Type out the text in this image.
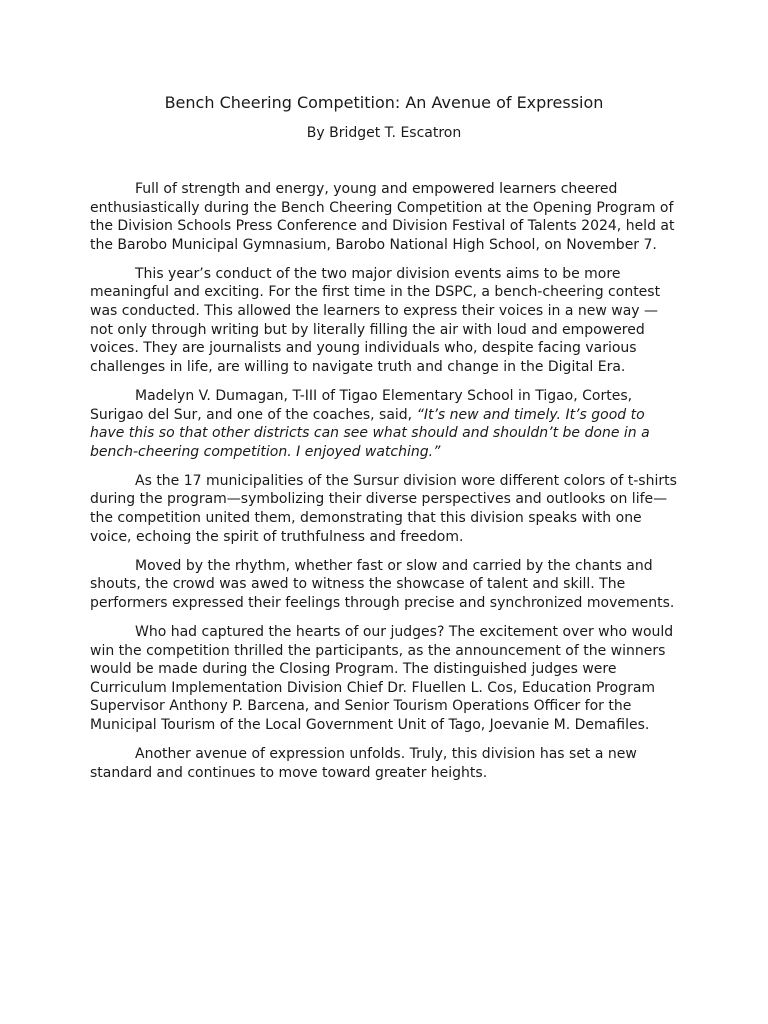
Bench Cheering Competition: An Avenue of Expression

By Bridget T. Escatron

Full of strength and energy, young and empowered learners cheered enthusiastically during the Bench Cheering Competition at the Opening Program of the Division Schools Press Conference and Division Festival of Talents 2024, held at the Barobo Municipal Gymnasium, Barobo National High School, on November 7.

This year’s conduct of the two major division events aims to be more meaningful and exciting. For the first time in the DSPC, a bench-cheering contest was conducted. This allowed the learners to express their voices in a new way — not only through writing but by literally filling the air with loud and empowered voices. They are journalists and young individuals who, despite facing various challenges in life, are willing to navigate truth and change in the Digital Era.

Madelyn V. Dumagan, T-III of Tigao Elementary School in Tigao, Cortes, Surigao del Sur, and one of the coaches, said, “It’s new and timely. It’s good to have this so that other districts can see what should and shouldn’t be done in a bench-cheering competition. I enjoyed watching.”

As the 17 municipalities of the Sursur division wore different colors of t-shirts during the program—symbolizing their diverse perspectives and outlooks on life—the competition united them, demonstrating that this division speaks with one voice, echoing the spirit of truthfulness and freedom.

Moved by the rhythm, whether fast or slow and carried by the chants and shouts, the crowd was awed to witness the showcase of talent and skill. The performers expressed their feelings through precise and synchronized movements.

Who had captured the hearts of our judges? The excitement over who would win the competition thrilled the participants, as the announcement of the winners would be made during the Closing Program. The distinguished judges were Curriculum Implementation Division Chief Dr. Fluellen L. Cos, Education Program Supervisor Anthony P. Barcena, and Senior Tourism Operations Officer for the Municipal Tourism of the Local Government Unit of Tago, Joevanie M. Demafiles.

Another avenue of expression unfolds. Truly, this division has set a new standard and continues to move toward greater heights.
